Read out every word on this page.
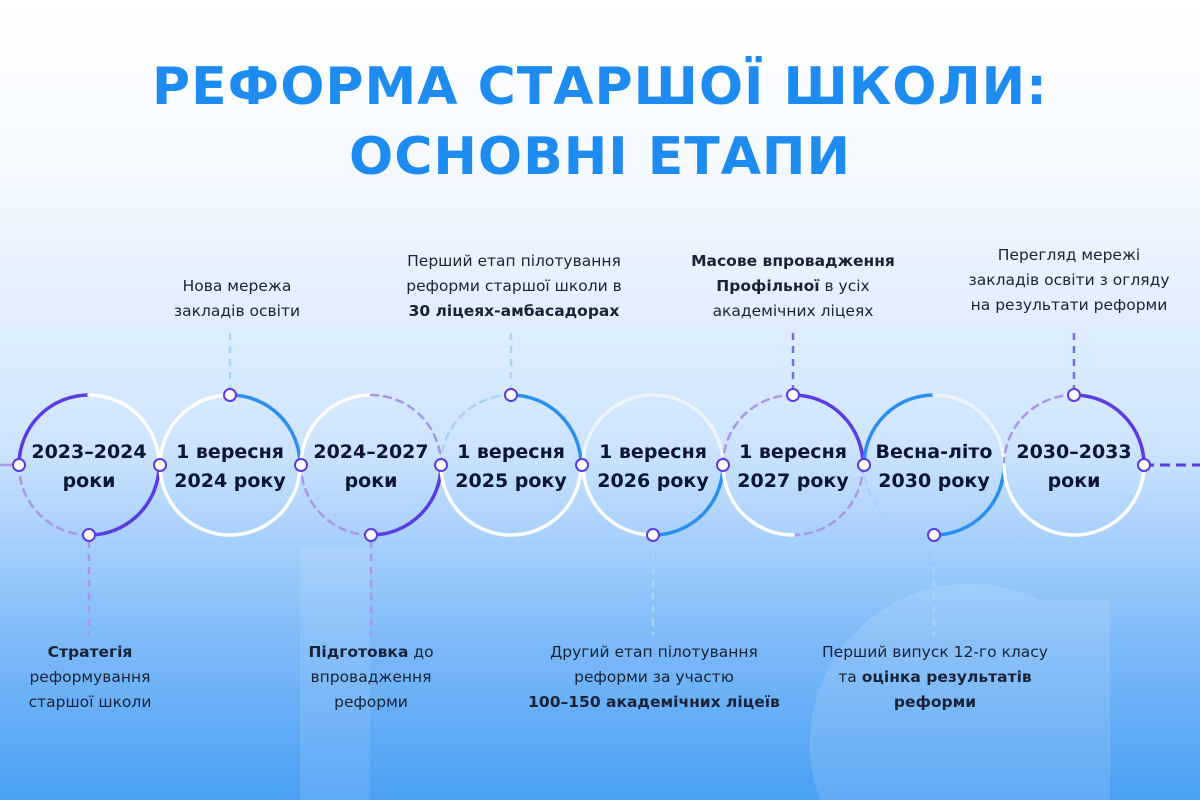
РЕФОРМА СТАРШОЇ ШКОЛИ:
ОСНОВНІ ЕТАПИ
2023–2024
роки
1 вересня
2024 року
2024–2027
роки
1 вересня
2025 року
1 вересня
2026 року
1 вересня
2027 року
Весна-літо
2030 року
2030–2033
роки
Нова мережа
закладів освіти
Перший етап пілотування
реформи старшої школи в
30 ліцеях-амбасадорах
Масове впровадження
Профільної в усіх
академічних ліцеях
Перегляд мережі
закладів освіти з огляду
на результати реформи
Стратегія
реформування
старшої школи
Підготовка до
впровадження
реформи
Другий етап пілотування
реформи за участю
100–150 академічних ліцеїв
Перший випуск 12-го класу
та оцінка результатів
реформи
